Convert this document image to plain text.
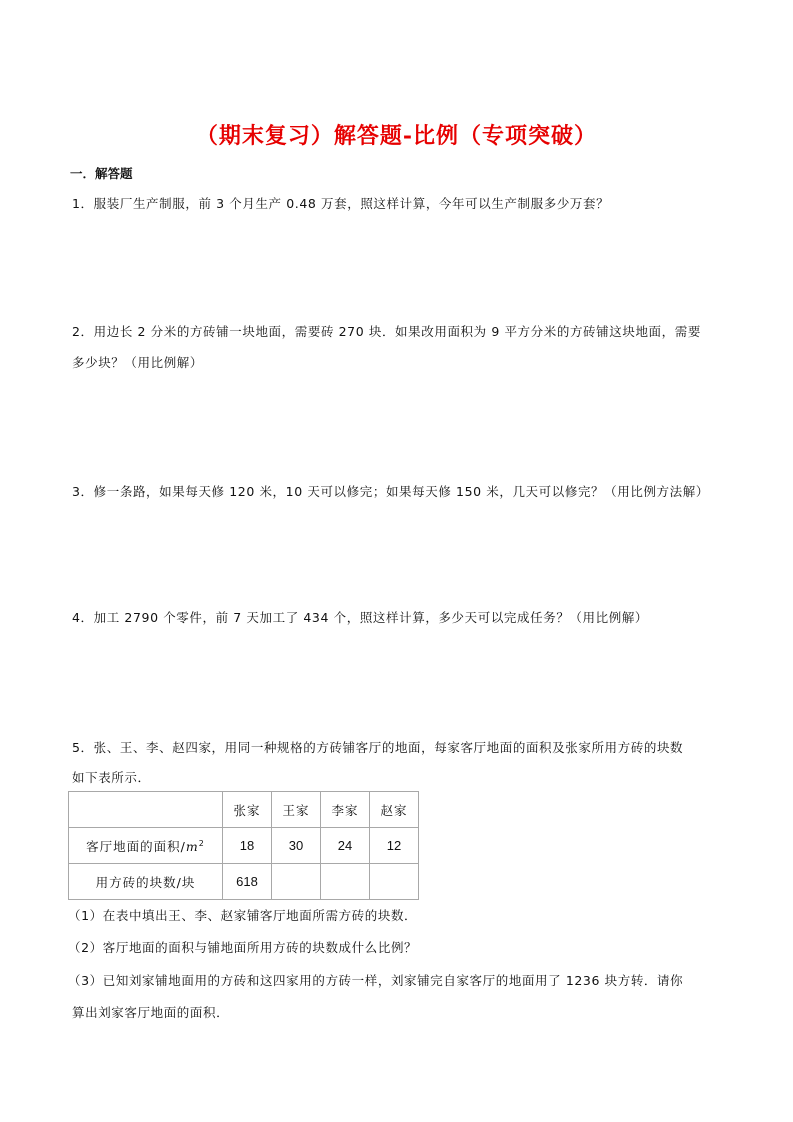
（期末复习）解答题-比例（专项突破）
一．解答题
1．服装厂生产制服，前 3 个月生产 0.48 万套，照这样计算，今年可以生产制服多少万套？
2．用边长 2 分米的方砖铺一块地面，需要砖 270 块．如果改用面积为 9 平方分米的方砖铺这块地面，需要
多少块？（用比例解）
3．修一条路，如果每天修 120 米，10 天可以修完；如果每天修 150 米，几天可以修完？（用比例方法解）
4．加工 2790 个零件，前 7 天加工了 434 个，照这样计算，多少天可以完成任务？（用比例解）
5．张、王、李、赵四家，用同一种规格的方砖铺客厅的地面，每家客厅地面的面积及张家所用方砖的块数
如下表所示．
	张家	王家	李家	赵家
客厅地面的面积$/m^2$	18	30	24	12
用方砖的块数/块	618			
（1）在表中填出王、李、赵家铺客厅地面所需方砖的块数．
（2）客厅地面的面积与铺地面所用方砖的块数成什么比例？
（3）已知刘家铺地面用的方砖和这四家用的方砖一样，刘家铺完自家客厅的地面用了 1236 块方转．请你
算出刘家客厅地面的面积．
